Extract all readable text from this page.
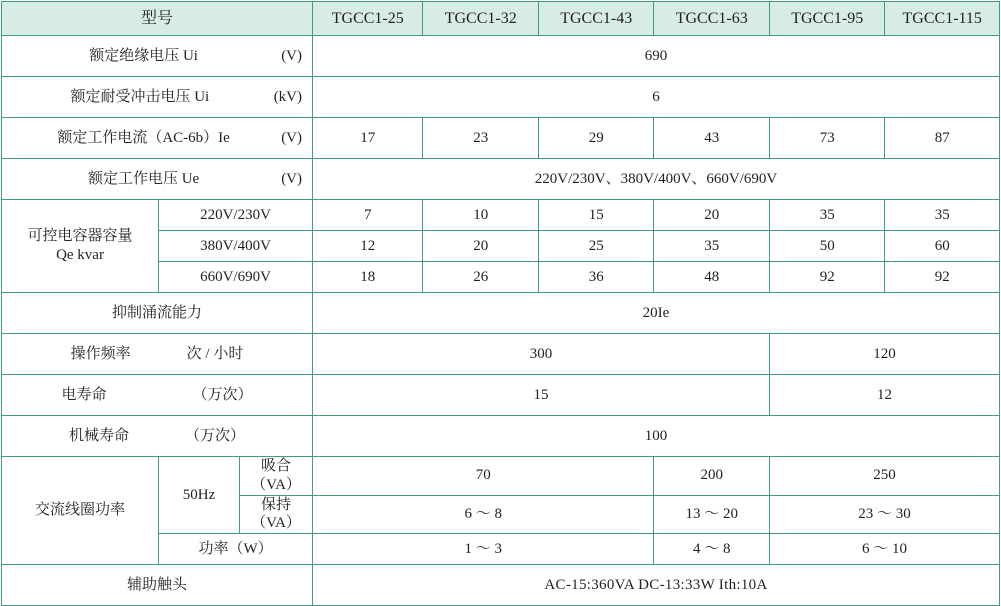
型号			TGCC1-25	TGCC1-32	TGCC1-43	TGCC1-63	TGCC1-95	TGCC1-115
额定绝缘电压 Ui (V)			690					
额定耐受冲击电压 Ui (kV)			6					
额定工作电流（AC-6b）Ie (V)			17	23	29	43	73	87
额定工作电压 Ue (V)			220V/230V、380V/400V、660V/690V					

可控电容器容量
Qe kvar	220V/230V		7	10	15	20	35	35
	380V/400V		12	20	25	35	50	60
	660V/690V		18	26	36	48	92	92
抑制涌流能力			20Ie					
操作频率 次 / 小时			300				120	
电寿命 （万次）			15				12	
机械寿命 （万次）			100					
交流线圈功率	50Hz	吸合（VA）	70			200	250	
		保持（VA）	6 ～ 8			13 ～ 20	23 ～ 30	
	功率（W）		1 ～ 3			4 ～ 8	6 ～ 10	
辅助触头			AC-15:360VA DC-13:33W Ith:10A					
